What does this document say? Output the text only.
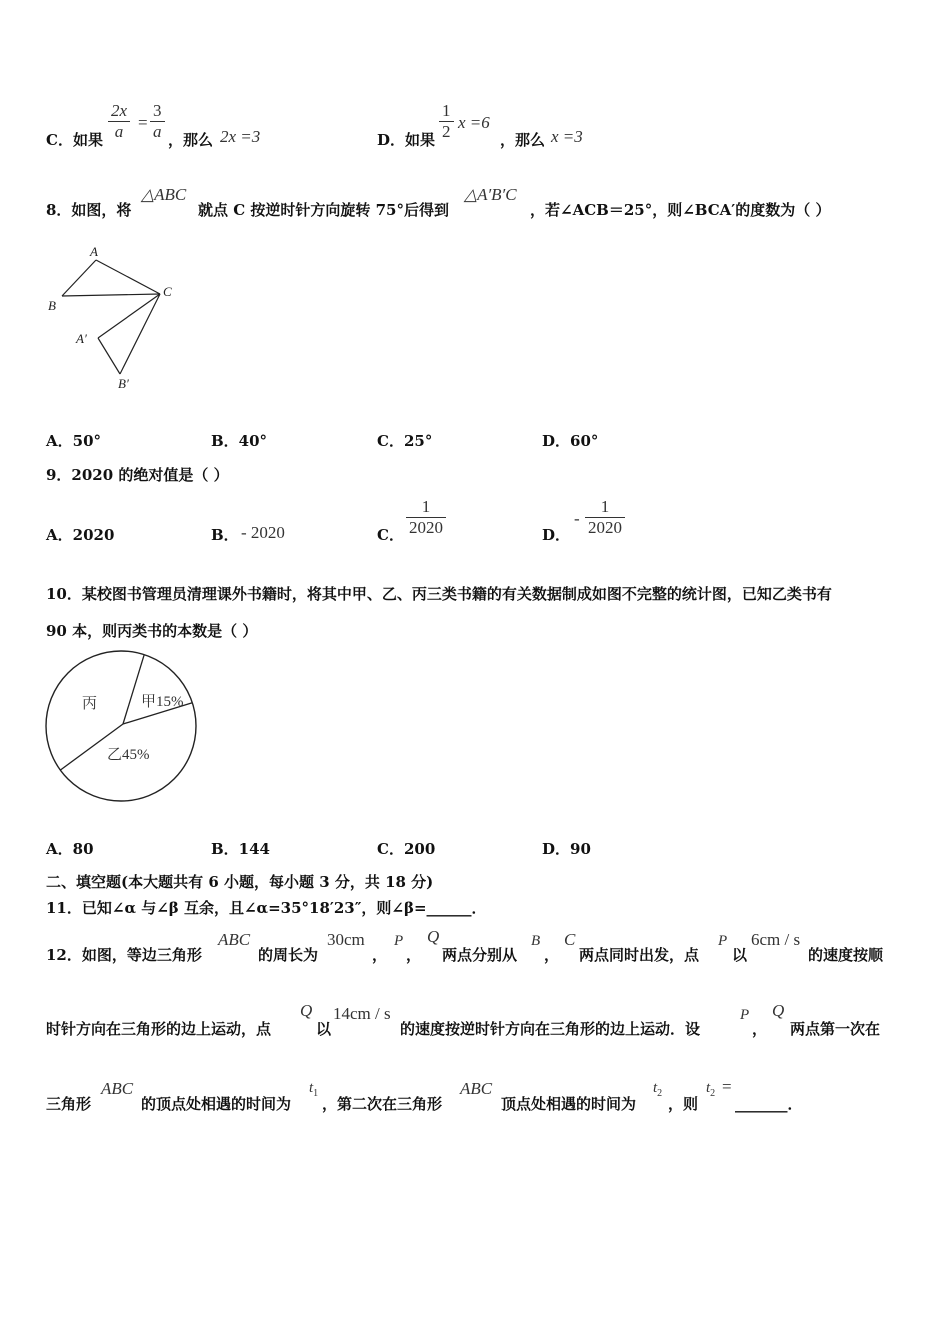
C．如果 $\frac{2x}{a} = \frac{3}{a}$ ，那么 2x =3	D．如果 $\frac{1}{2}$ x =6
，那么 x =3
8．如图，将
△ABC
就点 C 按逆时针方向旋转 75°后得到
△A′B′C
，若∠ACB＝25°，则∠BCA′的度数为（ ）
A
B
C
A′
B′
A．50°	B．40°	C．25°	D．60°
9．2020 的绝对值是（ ）
A．2020	B． - 2020	C． $\frac{1}{2020}$	D．
- $\frac{1}{2020}$
10．某校图书管理员清理课外书籍时，将其中甲、乙、丙三类书籍的有关数据制成如图不完整的统计图，已知乙类书有
90 本，则丙类书的本数是（ ）
丙	甲15%
乙45%
A．80	B．144	C．200	D．90
二、填空题(本大题共有 6 小题，每小题 3 分，共 18 分)
11．已知∠α 与∠β 互余，且∠α=35°18′23″，则∠β=______．
12．如图，等边三角形
ABC
的周长为
30cm
，
P
，
Q
两点分别从
B
，
C
两点同时出发，点
P
以
6cm / s
的速度按顺
时针方向在三角形的边上运动，点
Q
以
14cm / s
的速度按逆时针方向在三角形的边上运动．设
P
，
Q
两点第一次在
三角形
ABC
的顶点处相遇的时间为
$t_1$
，第二次在三角形
ABC
顶点处相遇的时间为
$t_2$
，则
$t_2$ =
_______．
